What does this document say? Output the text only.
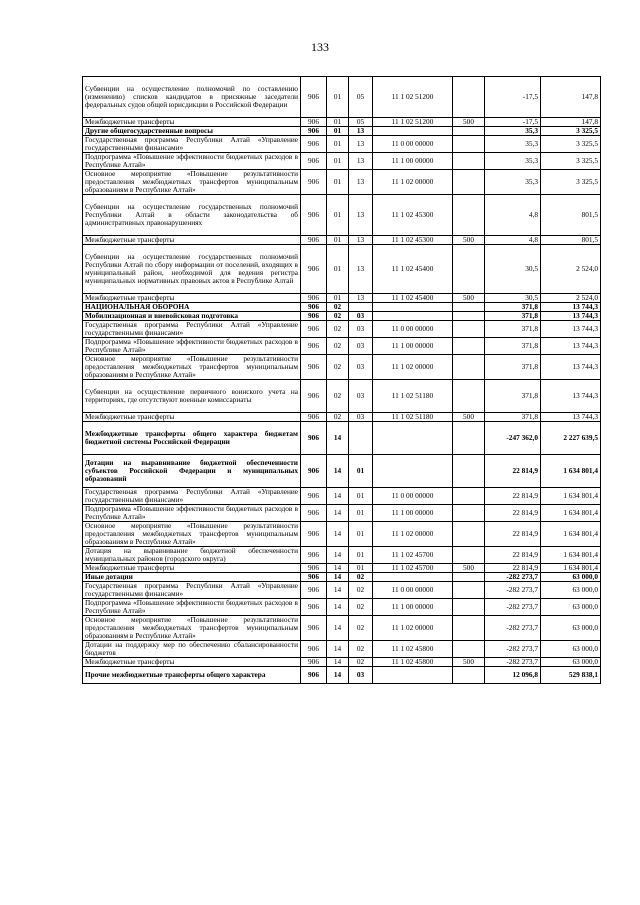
133
Субвенции на осуществление полномочий по составлению (изменению) списков кандидатов в присяжные заседатели федеральных судов общей юрисдикции в Российской Федерации	906	01	05	11 1 02 51200		-17,5	147,8
Межбюджетные трансферты	906	01	05	11 1 02 51200	500	-17,5	147,8
Другие общегосударственные вопросы	906	01	13			35,3	3 325,5
Государственная программа Республики Алтай «Управление государственными финансами»	906	01	13	11 0 00 00000		35,3	3 325,5
Подпрограмма «Повышение эффективности бюджетных расходов в Республике Алтай»	906	01	13	11 1 00 00000		35,3	3 325,5
Основное мероприятие «Повышение результативности предоставления межбюджетных трансфертов муниципальным образованиям в Республике Алтай»	906	01	13	11 1 02 00000		35,3	3 325,5
Субвенции на осуществление государственных полномочий Республики Алтай в области законодательства об административных правонарушениях	906	01	13	11 1 02 45300		4,8	801,5
Межбюджетные трансферты	906	01	13	11 1 02 45300	500	4,8	801,5
Субвенции на осуществление государственных полномочий Республики Алтай по сбору информации от поселений, входящих в муниципальный район, необходимой для ведения регистра муниципальных нормативных правовых актов в Республике Алтай	906	01	13	11 1 02 45400		30,5	2 524,0
Межбюджетные трансферты	906	01	13	11 1 02 45400	500	30,5	2 524,0
НАЦИОНАЛЬНАЯ ОБОРОНА	906	02				371,8	13 744,3
Мобилизационная и вневойсковая подготовка	906	02	03			371,8	13 744,3
Государственная программа Республики Алтай «Управление государственными финансами»	906	02	03	11 0 00 00000		371,8	13 744,3
Подпрограмма «Повышение эффективности бюджетных расходов в Республике Алтай»	906	02	03	11 1 00 00000		371,8	13 744,3
Основное мероприятие «Повышение результативности предоставления межбюджетных трансфертов муниципальным образованиям в Республике Алтай»	906	02	03	11 1 02 00000		371,8	13 744,3
Субвенции на осуществление первичного воинского учета на территориях, где отсутствуют военные комиссариаты	906	02	03	11 1 02 51180		371,8	13 744,3
Межбюджетные трансферты	906	02	03	11 1 02 51180	500	371,8	13 744,3
Межбюджетные трансферты общего характера бюджетам бюджетной системы Российской Федерации	906	14				-247 362,0	2 227 639,5
Дотации на выравнивание бюджетной обеспеченности субъектов Российской Федерации и муниципальных образований	906	14	01			22 814,9	1 634 801,4
Государственная программа Республики Алтай «Управление государственными финансами»	906	14	01	11 0 00 00000		22 814,9	1 634 801,4
Подпрограмма «Повышение эффективности бюджетных расходов в Республике Алтай»	906	14	01	11 1 00 00000		22 814,9	1 634 801,4
Основное мероприятие «Повышение результативности предоставления межбюджетных трансфертов муниципальным образованиям в Республике Алтай»	906	14	01	11 1 02 00000		22 814,9	1 634 801,4
Дотация на выравнивание бюджетной обеспеченности муниципальных районов (городского округа)	906	14	01	11 1 02 45700		22 814,9	1 634 801,4
Межбюджетные трансферты	906	14	01	11 1 02 45700	500	22 814,9	1 634 801,4
Иные дотации	906	14	02			-282 273,7	63 000,0
Государственная программа Республики Алтай «Управление государственными финансами»	906	14	02	11 0 00 00000		-282 273,7	63 000,0
Подпрограмма «Повышение эффективности бюджетных расходов в Республике Алтай»	906	14	02	11 1 00 00000		-282 273,7	63 000,0
Основное мероприятие «Повышение результативности предоставления межбюджетных трансфертов муниципальным образованиям в Республике Алтай»	906	14	02	11 1 02 00000		-282 273,7	63 000,0
Дотации на поддержку мер по обеспечению сбалансированности бюджетов	906	14	02	11 1 02 45800		-282 273,7	63 000,0
Межбюджетные трансферты	906	14	02	11 1 02 45800	500	-282 273,7	63 000,0
Прочие межбюджетные трансферты общего характера	906	14	03			12 096,8	529 838,1
